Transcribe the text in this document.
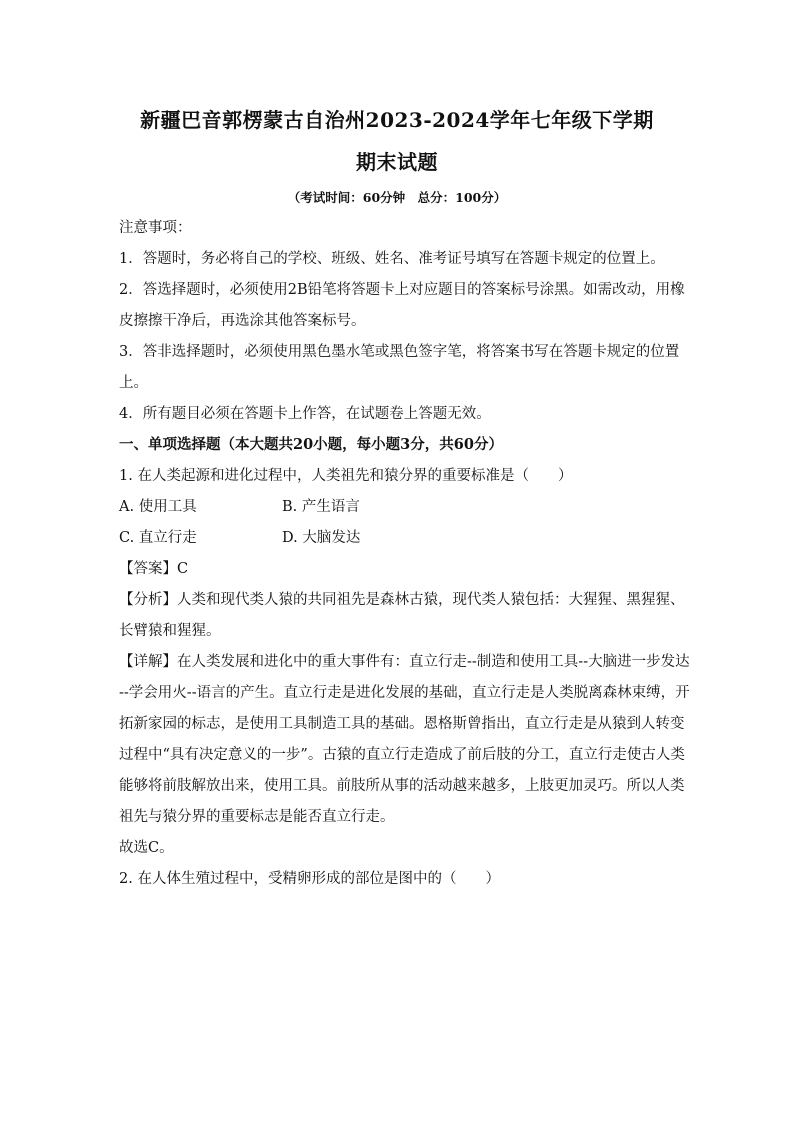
新疆巴音郭楞蒙古自治州2023-2024学年七年级下学期
期末试题
（考试时间：60分钟　总分：100分）
注意事项：
1．答题时，务必将自己的学校、班级、姓名、准考证号填写在答题卡规定的位置上。
2．答选择题时，必须使用2B铅笔将答题卡上对应题目的答案标号涂黑。如需改动，用橡
皮擦擦干净后，再选涂其他答案标号。
3．答非选择题时，必须使用黑色墨水笔或黑色签字笔，将答案书写在答题卡规定的位置
上。
4．所有题目必须在答题卡上作答，在试题卷上答题无效。
一、单项选择题（本大题共20小题，每小题3分，共60分）
1. 在人类起源和进化过程中，人类祖先和猿分界的重要标准是（　　）
A. 使用工具	B. 产生语言
C. 直立行走	D. 大脑发达
【答案】C
【分析】人类和现代类人猿的共同祖先是森林古猿，现代类人猿包括：大猩猩、黑猩猩、
长臂猿和猩猩。
【详解】在人类发展和进化中的重大事件有：直立行走--制造和使用工具--大脑进一步发达
--学会用火--语言的产生。直立行走是进化发展的基础，直立行走是人类脱离森林束缚，开
拓新家园的标志，是使用工具制造工具的基础。恩格斯曾指出，直立行走是从猿到人转变
过程中“具有决定意义的一步”。古猿的直立行走造成了前后肢的分工，直立行走使古人类
能够将前肢解放出来，使用工具。前肢所从事的活动越来越多，上肢更加灵巧。所以人类
祖先与猿分界的重要标志是能否直立行走。
故选C。
2. 在人体生殖过程中，受精卵形成的部位是图中的（　　）
